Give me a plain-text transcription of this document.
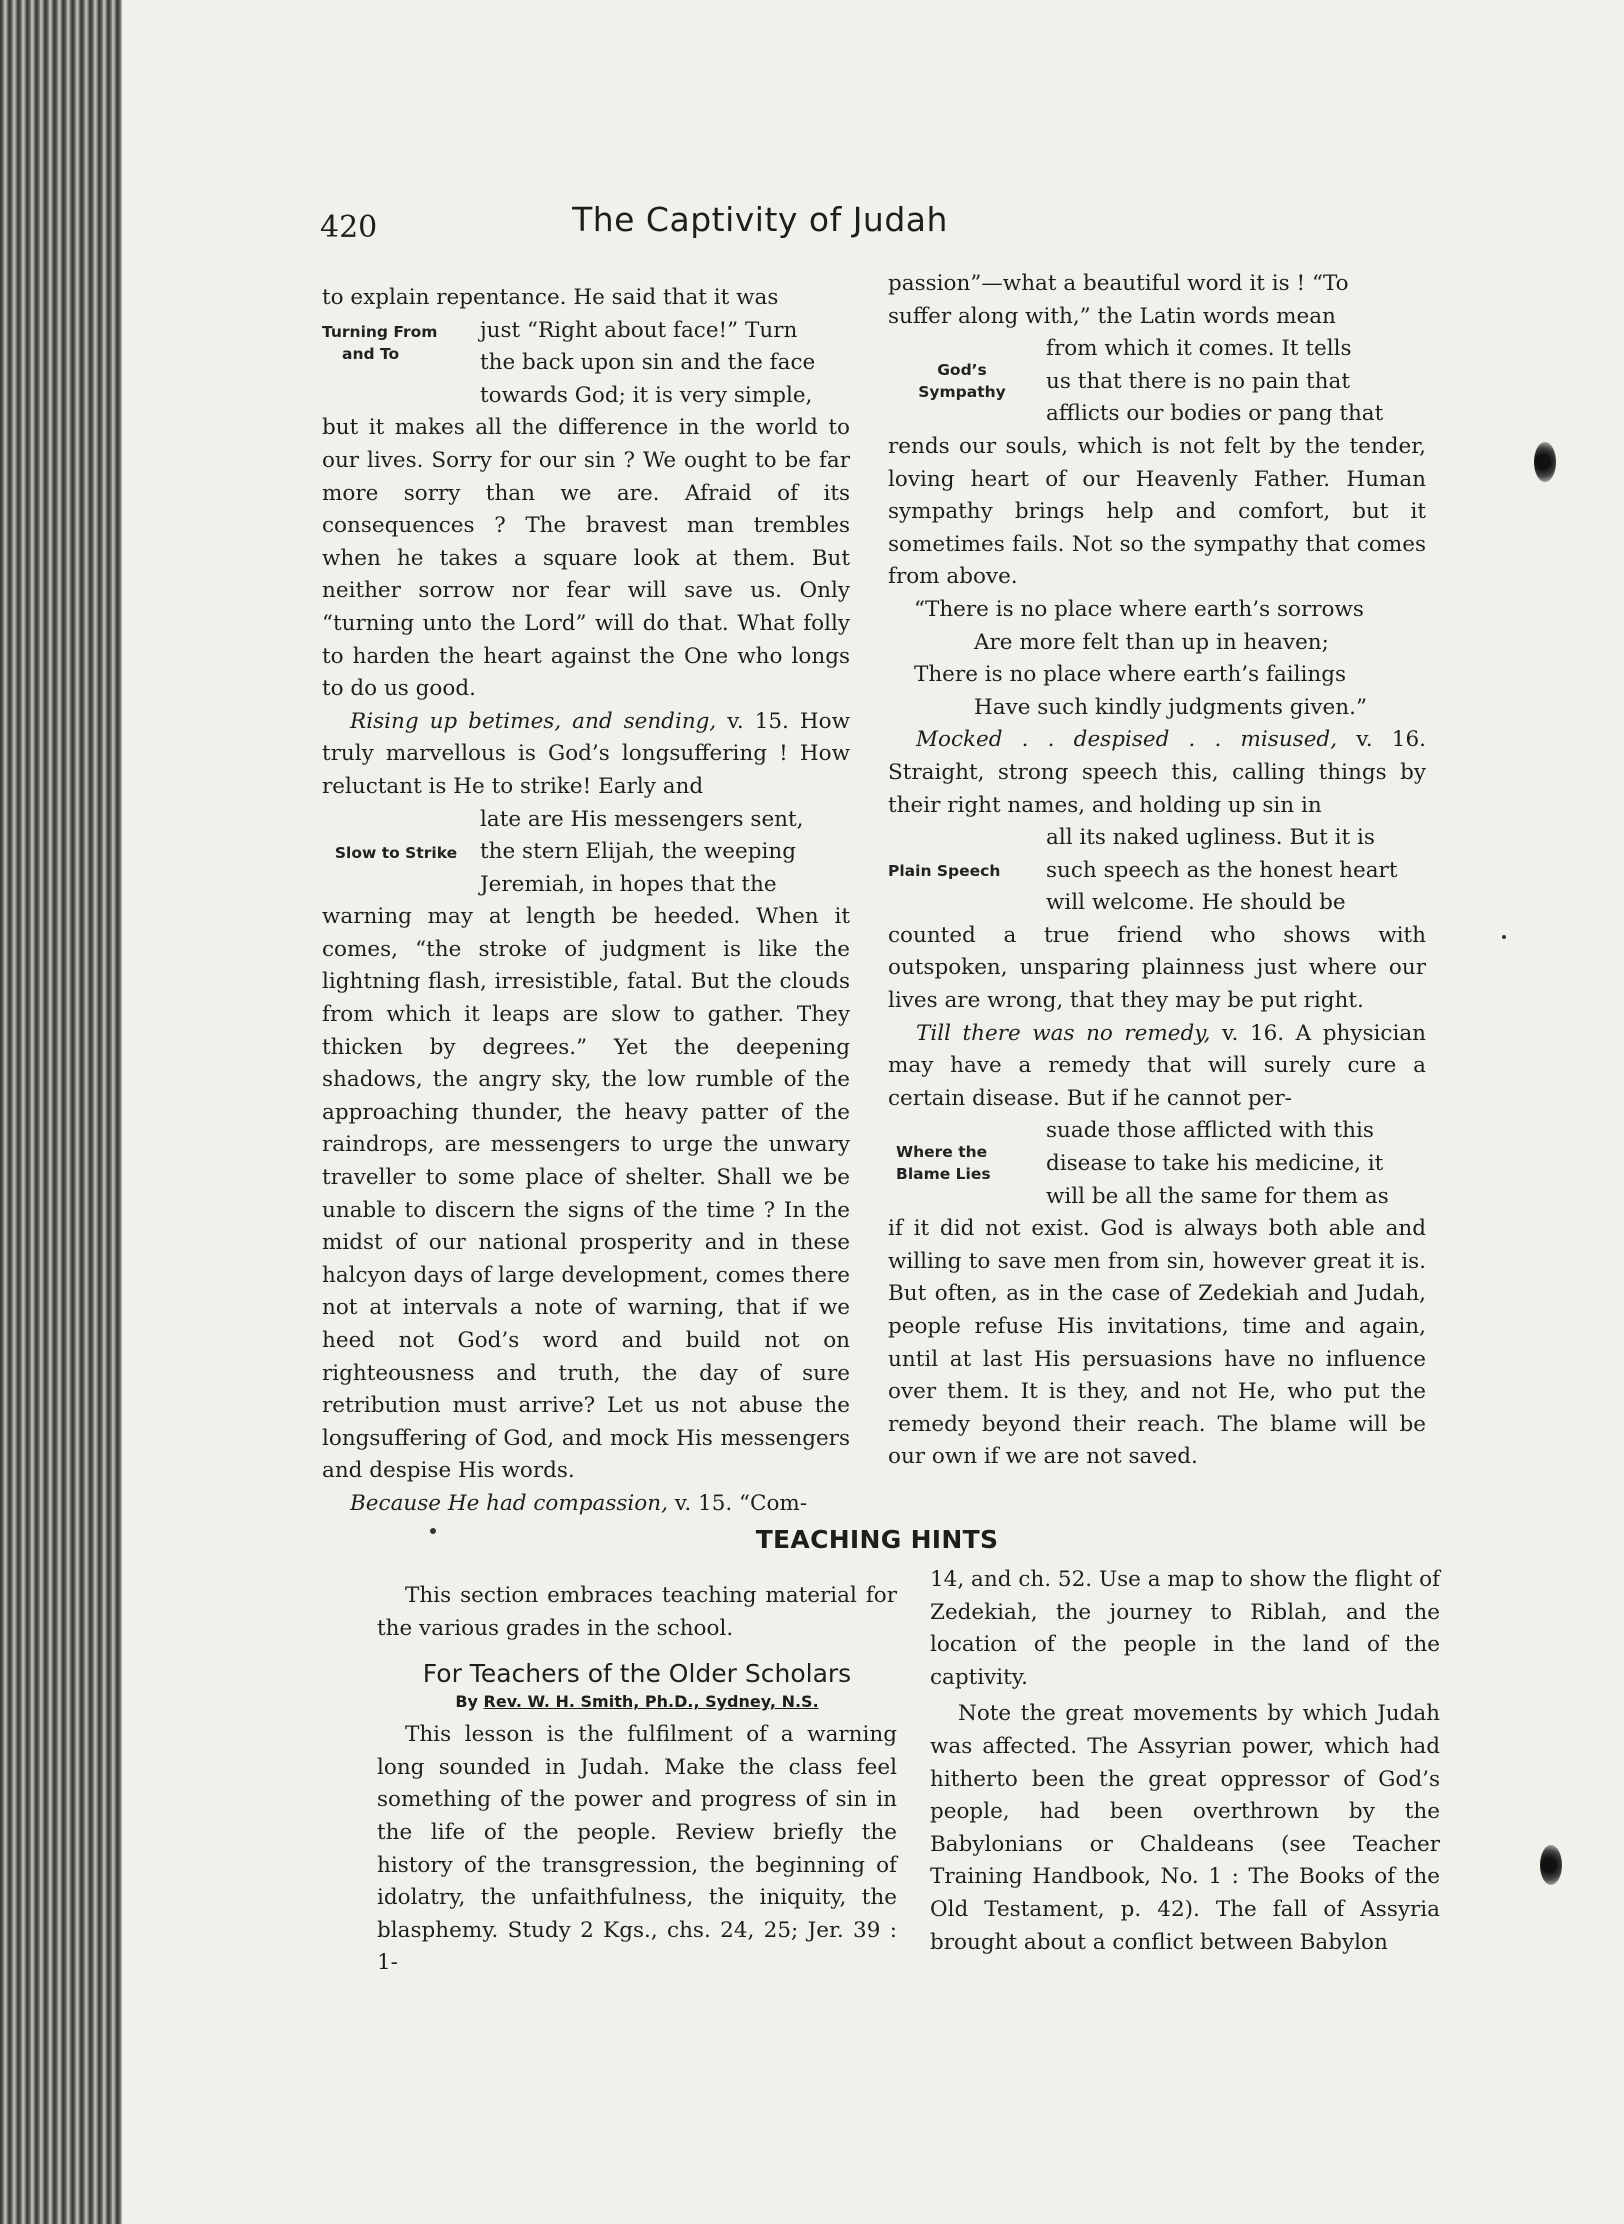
420	The Captivity of Judah

to explain repentance. He said that it was

Turning From
and To

just “Right about face!” Turn

the back upon sin and the face

towards God; it is very simple,

but it makes all the difference in the world to our lives. Sorry for our sin ? We ought to be far more sorry than we are. Afraid of its consequences ? The bravest man trembles when he takes a square look at them. But neither sorrow nor fear will save us. Only “turning unto the Lord” will do that. What folly to harden the heart against the One who longs to do us good.

Rising up betimes, and sending, v. 15. How truly marvellous is God’s longsuffering ! How reluctant is He to strike! Early and

Slow to Strike

late are His messengers sent,

the stern Elijah, the weeping

Jeremiah, in hopes that the

warning may at length be heeded. When it comes, “the stroke of judgment is like the lightning flash, irresistible, fatal. But the clouds from which it leaps are slow to gather. They thicken by degrees.” Yet the deepening shadows, the angry sky, the low rumble of the approaching thunder, the heavy patter of the raindrops, are messengers to urge the unwary traveller to some place of shelter. Shall we be unable to discern the signs of the time ? In the midst of our national prosperity and in these halcyon days of large development, comes there not at intervals a note of warning, that if we heed not God’s word and build not on righteousness and truth, the day of sure retribution must arrive? Let us not abuse the longsuffering of God, and mock His messengers and despise His words.

Because He had compassion, v. 15. “Com-

passion”—what a beautiful word it is ! “To

suffer along with,” the Latin words mean

God’s
Sympathy

from which it comes. It tells

us that there is no pain that

afflicts our bodies or pang that

rends our souls, which is not felt by the tender, loving heart of our Heavenly Father. Human sympathy brings help and comfort, but it sometimes fails. Not so the sympathy that comes from above.

“There is no place where earth’s sorrows
Are more felt than up in heaven;
There is no place where earth’s failings
Have such kindly judgments given.”

Mocked . . despised . . misused, v. 16. Straight, strong speech this, calling things by their right names, and holding up sin in

Plain Speech

all its naked ugliness. But it is

such speech as the honest heart

will welcome. He should be

counted a true friend who shows with outspoken, unsparing plainness just where our lives are wrong, that they may be put right.

Till there was no remedy, v. 16. A physician may have a remedy that will surely cure a certain disease. But if he cannot per-

Where the
Blame Lies

suade those afflicted with this

disease to take his medicine, it

will be all the same for them as

if it did not exist. God is always both able and willing to save men from sin, however great it is. But often, as in the case of Zedekiah and Judah, people refuse His invitations, time and again, until at last His persuasions have no influence over them. It is they, and not He, who put the remedy beyond their reach. The blame will be our own if we are not saved.

TEACHING HINTS

This section embraces teaching material for the various grades in the school.

For Teachers of the Older Scholars
By Rev. W. H. Smith, Ph.D., Sydney, N.S.

This lesson is the fulfilment of a warning long sounded in Judah. Make the class feel something of the power and progress of sin in the life of the people. Review briefly the history of the transgression, the beginning of idolatry, the unfaithfulness, the iniquity, the blasphemy. Study 2 Kgs., chs. 24, 25; Jer. 39 : 1-

14, and ch. 52. Use a map to show the flight of Zedekiah, the journey to Riblah, and the location of the people in the land of the captivity.

Note the great movements by which Judah was affected. The Assyrian power, which had hitherto been the great oppressor of God’s people, had been overthrown by the Babylonians or Chaldeans (see Teacher Training Handbook, No. 1 : The Books of the Old Testament, p. 42). The fall of Assyria brought about a conflict between Babylon
